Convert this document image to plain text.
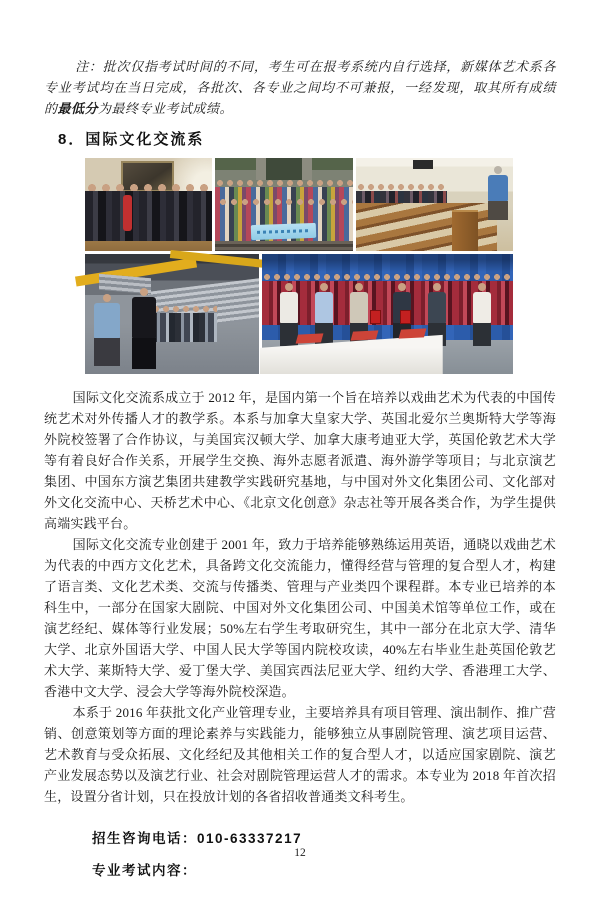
注：批次仅指考试时间的不同，考生可在报考系统内自行选择，新媒体艺术系各专业考试均在当日完成，各批次、各专业之间均不可兼报，一经发现，取其所有成绩的最低分为最终专业考试成绩。

8．国际文化交流系

国际文化交流系成立于 2012 年，是国内第一个旨在培养以戏曲艺术为代表的中国传统艺术对外传播人才的教学系。本系与加拿大皇家大学、英国北爱尔兰奥斯特大学等海外院校签署了合作协议，与美国宾汉顿大学、加拿大康考迪亚大学，英国伦敦艺术大学等有着良好合作关系，开展学生交换、海外志愿者派遣、海外游学等项目；与北京演艺集团、中国东方演艺集团共建教学实践研究基地，与中国对外文化集团公司、文化部对外文化交流中心、天桥艺术中心、《北京文化创意》杂志社等开展各类合作，为学生提供高端实践平台。

国际文化交流专业创建于 2001 年，致力于培养能够熟练运用英语，通晓以戏曲艺术为代表的中西方文化艺术，具备跨文化交流能力，懂得经营与管理的复合型人才，构建了语言类、文化艺术类、交流与传播类、管理与产业类四个课程群。本专业已培养的本科生中，一部分在国家大剧院、中国对外文化集团公司、中国美术馆等单位工作，或在演艺经纪、媒体等行业发展；50%左右学生考取研究生，其中一部分在北京大学、清华大学、北京外国语大学、中国人民大学等国内院校攻读，40%左右毕业生赴英国伦敦艺术大学、莱斯特大学、爱丁堡大学、美国宾西法尼亚大学、纽约大学、香港理工大学、香港中文大学、浸会大学等海外院校深造。

本系于 2016 年获批文化产业管理专业，主要培养具有项目管理、演出制作、推广营销、创意策划等方面的理论素养与实践能力，能够独立从事剧院管理、演艺项目运营、艺术教育与受众拓展、文化经纪及其他相关工作的复合型人才，以适应国家剧院、演艺产业发展态势以及演艺行业、社会对剧院管理运营人才的需求。本专业为 2018 年首次招生，设置分省计划，只在投放计划的各省招收普通类文科考生。

招生咨询电话：010-63337217
专业考试内容：
12
